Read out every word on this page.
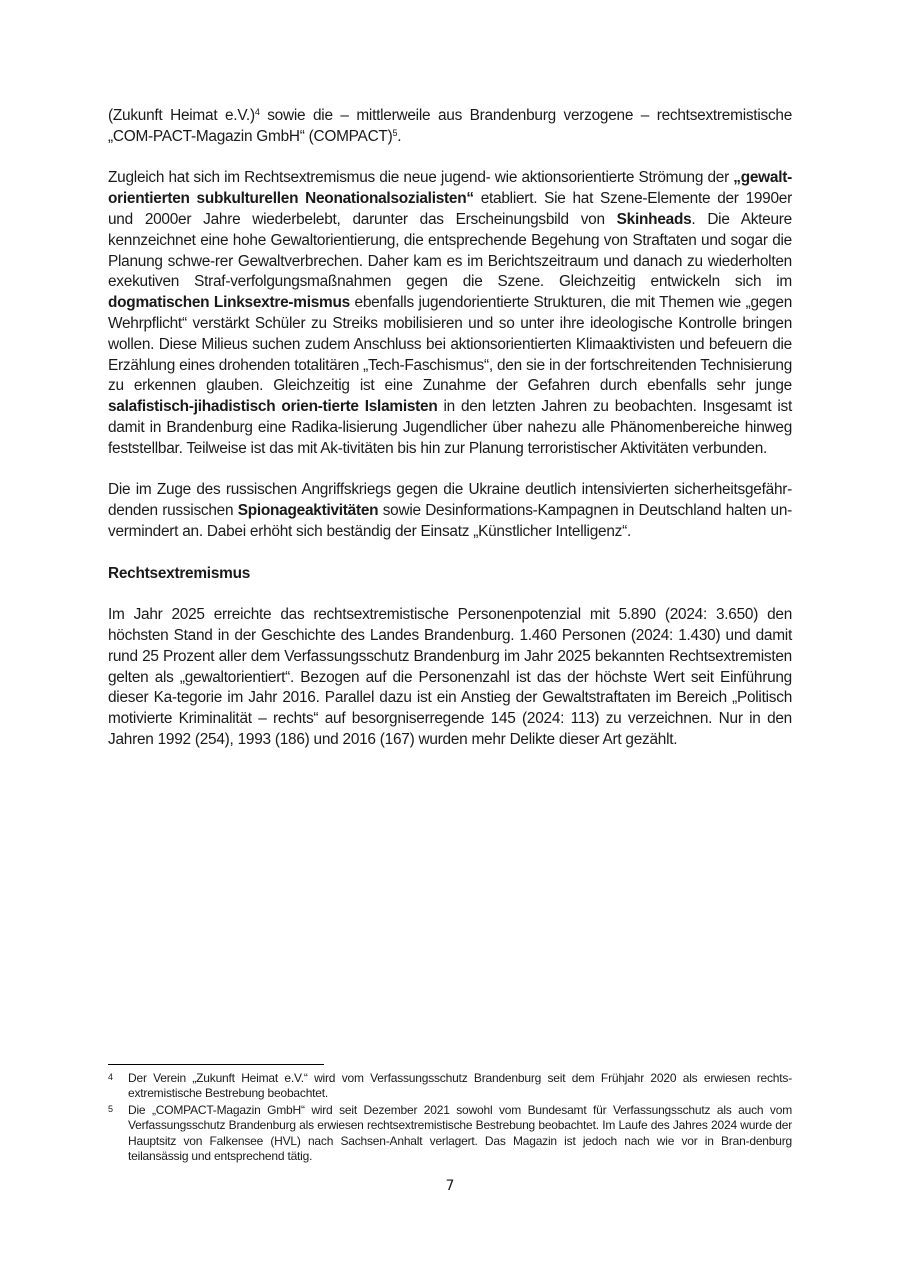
(Zukunft Heimat e.V.)$^4$ sowie die – mittlerweile aus Brandenburg verzogene – rechtsextremistische „COM-PACT-Magazin GmbH“ (COMPACT)$^5$.

Zugleich hat sich im Rechtsextremismus die neue jugend- wie aktionsorientierte Strömung der „gewalt-orientierten subkulturellen Neonationalsozialisten“ etabliert. Sie hat Szene-Elemente der 1990er und 2000er Jahre wiederbelebt, darunter das Erscheinungsbild von Skinheads. Die Akteure kennzeichnet eine hohe Gewaltorientierung, die entsprechende Begehung von Straftaten und sogar die Planung schwe-rer Gewaltverbrechen. Daher kam es im Berichtszeitraum und danach zu wiederholten exekutiven Straf-verfolgungsmaßnahmen gegen die Szene. Gleichzeitig entwickeln sich im dogmatischen Linksextre-mismus ebenfalls jugendorientierte Strukturen, die mit Themen wie „gegen Wehrpflicht“ verstärkt Schüler zu Streiks mobilisieren und so unter ihre ideologische Kontrolle bringen wollen. Diese Milieus suchen zudem Anschluss bei aktionsorientierten Klimaaktivisten und befeuern die Erzählung eines drohenden totalitären „Tech-Faschismus“, den sie in der fortschreitenden Technisierung zu erkennen glauben. Gleichzeitig ist eine Zunahme der Gefahren durch ebenfalls sehr junge salafistisch-jihadistisch orien-tierte Islamisten in den letzten Jahren zu beobachten. Insgesamt ist damit in Brandenburg eine Radika-lisierung Jugendlicher über nahezu alle Phänomenbereiche hinweg feststellbar. Teilweise ist das mit Ak-tivitäten bis hin zur Planung terroristischer Aktivitäten verbunden.

Die im Zuge des russischen Angriffskriegs gegen die Ukraine deutlich intensivierten sicherheitsgefähr-denden russischen Spionageaktivitäten sowie Desinformations-Kampagnen in Deutschland halten un-vermindert an. Dabei erhöht sich beständig der Einsatz „Künstlicher Intelligenz“.

Rechtsextremismus

Im Jahr 2025 erreichte das rechtsextremistische Personenpotenzial mit 5.890 (2024: 3.650) den höchsten Stand in der Geschichte des Landes Brandenburg. 1.460 Personen (2024: 1.430) und damit rund 25 Prozent aller dem Verfassungsschutz Brandenburg im Jahr 2025 bekannten Rechtsextremisten gelten als „gewaltorientiert“. Bezogen auf die Personenzahl ist das der höchste Wert seit Einführung dieser Ka-tegorie im Jahr 2016. Parallel dazu ist ein Anstieg der Gewaltstraftaten im Bereich „Politisch motivierte Kriminalität – rechts“ auf besorgniserregende 145 (2024: 113) zu verzeichnen. Nur in den Jahren 1992 (254), 1993 (186) und 2016 (167) wurden mehr Delikte dieser Art gezählt.

4	Der Verein „Zukunft Heimat e.V.“ wird vom Verfassungsschutz Brandenburg seit dem Frühjahr 2020 als erwiesen rechts-extremistische Bestrebung beobachtet.
5	Die „COMPACT-Magazin GmbH“ wird seit Dezember 2021 sowohl vom Bundesamt für Verfassungsschutz als auch vom Verfassungsschutz Brandenburg als erwiesen rechtsextremistische Bestrebung beobachtet. Im Laufe des Jahres 2024 wurde der Hauptsitz von Falkensee (HVL) nach Sachsen-Anhalt verlagert. Das Magazin ist jedoch nach wie vor in Bran-denburg teilansässig und entsprechend tätig.
7
